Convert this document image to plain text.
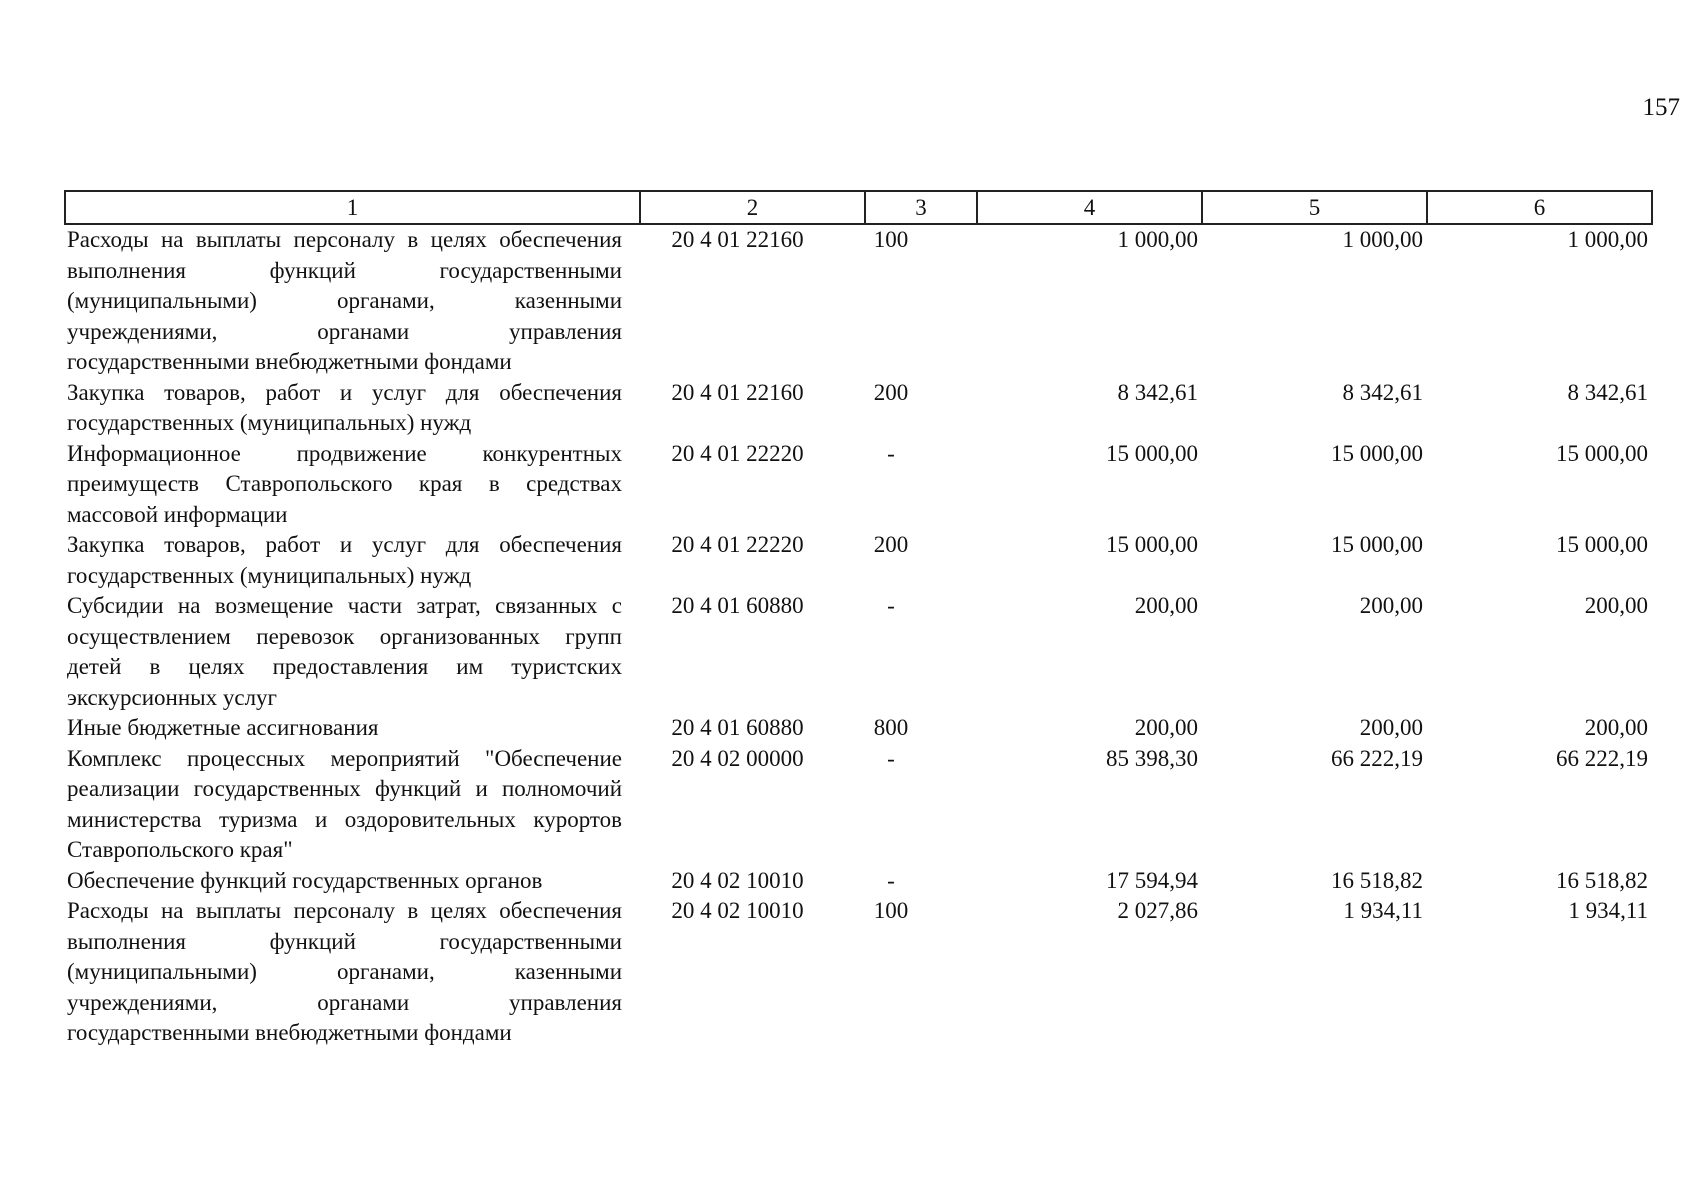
157
1	2	3	4	5	6
Расходы на выплаты персоналу в целях обеспечения выполнения функций государственными (муниципальными) органами, казенными учреждениями, органами управления государственными внебюджетными фондами	20 4 01 22160	100	1 000,00	1 000,00	1 000,00
Закупка товаров, работ и услуг для обеспечения государственных (муниципальных) нужд	20 4 01 22160	200	8 342,61	8 342,61	8 342,61
Информационное продвижение конкурентных преимуществ Ставропольского края в средствах массовой информации	20 4 01 22220	-	15 000,00	15 000,00	15 000,00
Закупка товаров, работ и услуг для обеспечения государственных (муниципальных) нужд	20 4 01 22220	200	15 000,00	15 000,00	15 000,00
Субсидии на возмещение части затрат, связанных с осуществлением перевозок организованных групп детей в целях предоставления им туристских экскурсионных услуг	20 4 01 60880	-	200,00	200,00	200,00
Иные бюджетные ассигнования	20 4 01 60880	800	200,00	200,00	200,00
Комплекс процессных мероприятий "Обеспечение реализации государственных функций и полномочий министерства туризма и оздоровительных курортов Ставропольского края"	20 4 02 00000	-	85 398,30	66 222,19	66 222,19
Обеспечение функций государственных органов	20 4 02 10010	-	17 594,94	16 518,82	16 518,82
Расходы на выплаты персоналу в целях обеспечения выполнения функций государственными (муниципальными) органами, казенными учреждениями, органами управления государственными внебюджетными фондами	20 4 02 10010	100	2 027,86	1 934,11	1 934,11
